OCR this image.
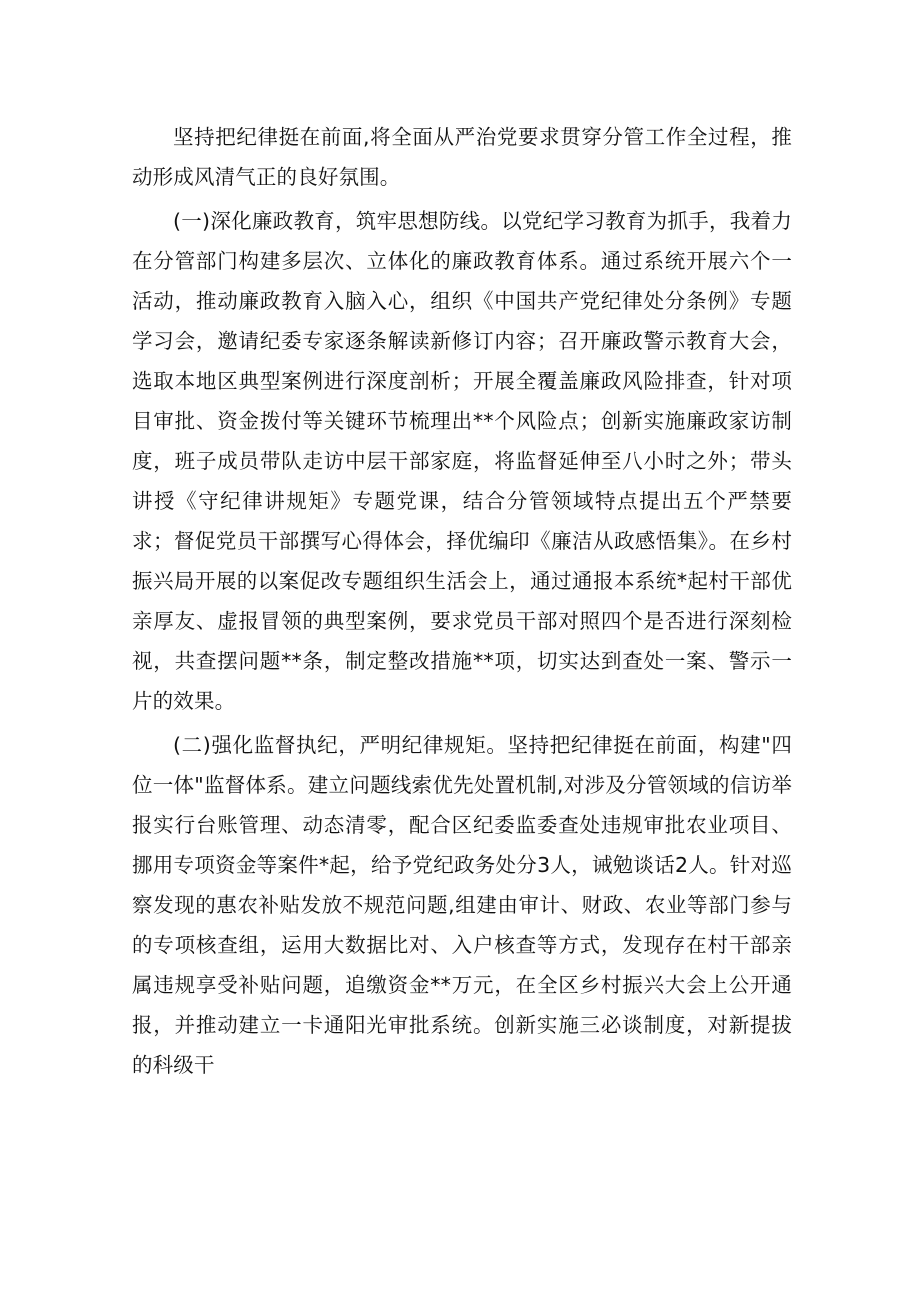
坚持把纪律挺在前面,将全面从严治党要求贯穿分管工作全过程，推动形成风清气正的良好氛围。

(一)深化廉政教育，筑牢思想防线。以党纪学习教育为抓手，我着力在分管部门构建多层次、立体化的廉政教育体系。通过系统开展六个一活动，推动廉政教育入脑入心，组织《中国共产党纪律处分条例》专题学习会，邀请纪委专家逐条解读新修订内容；召开廉政警示教育大会，选取本地区典型案例进行深度剖析；开展全覆盖廉政风险排查，针对项目审批、资金拨付等关键环节梳理出**个风险点；创新实施廉政家访制度，班子成员带队走访中层干部家庭，将监督延伸至八小时之外；带头讲授《守纪律讲规矩》专题党课，结合分管领域特点提出五个严禁要求；督促党员干部撰写心得体会，择优编印《廉洁从政感悟集》。在乡村振兴局开展的以案促改专题组织生活会上，通过通报本系统*起村干部优亲厚友、虚报冒领的典型案例，要求党员干部对照四个是否进行深刻检视，共查摆问题**条，制定整改措施**项，切实达到查处一案、警示一片的效果。

(二)强化监督执纪，严明纪律规矩。坚持把纪律挺在前面，构建"四位一体"监督体系。建立问题线索优先处置机制,对涉及分管领域的信访举报实行台账管理、动态清零，配合区纪委监委查处违规审批农业项目、挪用专项资金等案件*起，给予党纪政务处分3人，诫勉谈话2人。针对巡察发现的惠农补贴发放不规范问题,组建由审计、财政、农业等部门参与的专项核查组，运用大数据比对、入户核查等方式，发现存在村干部亲属违规享受补贴问题，追缴资金**万元，在全区乡村振兴大会上公开通报，并推动建立一卡通阳光审批系统。创新实施三必谈制度，对新提拔的科级干
